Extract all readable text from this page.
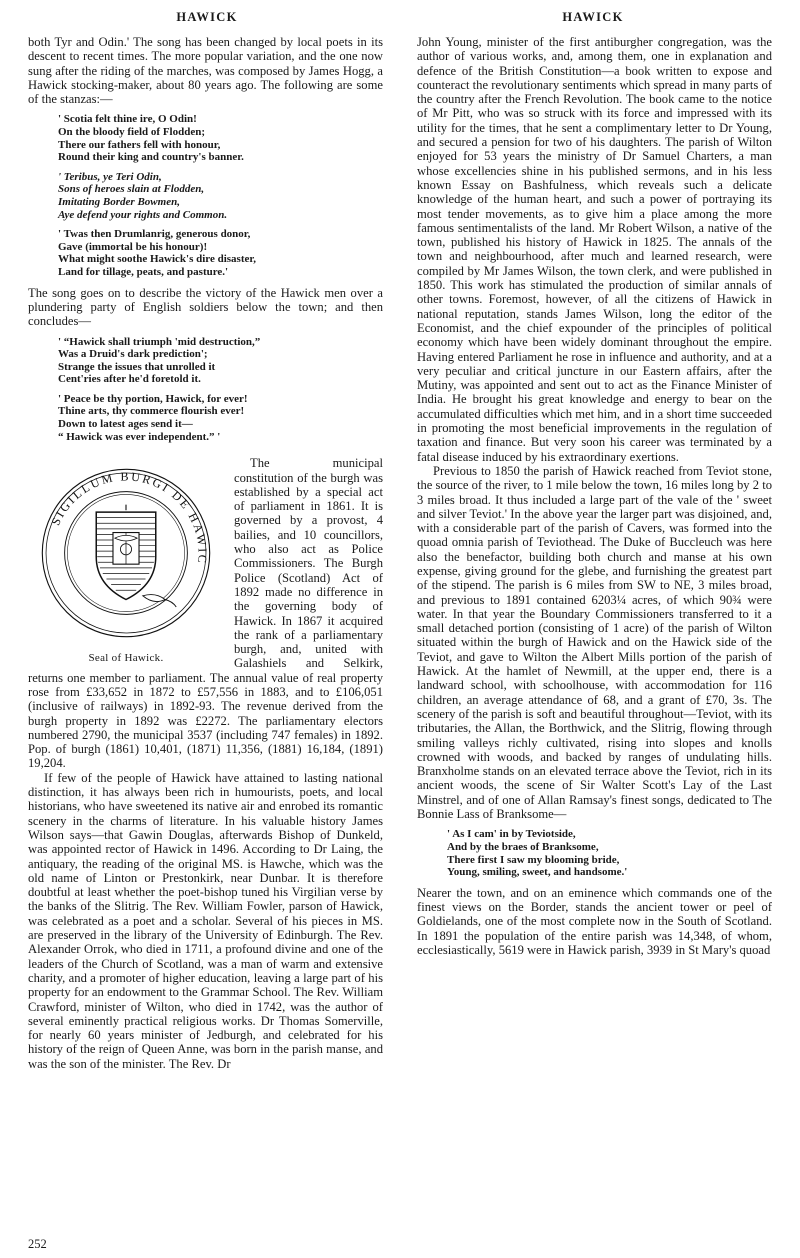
HAWICK	HAWICK

both Tyr and Odin.' The song has been changed by local poets in its descent to recent times. The more popular variation, and the one now sung after the riding of the marches, was composed by James Hogg, a Hawick stocking-maker, about 80 years ago. The following are some of the stanzas:—

' Scotia felt thine ire, O Odin!
On the bloody field of Flodden;
There our fathers fell with honour,
Round their king and country's banner.
' Teribus, ye Teri Odin,
Sons of heroes slain at Flodden,
Imitating Border Bowmen,
Aye defend your rights and Common.
' Twas then Drumlanrig, generous donor,
Gave (immortal be his honour)!
What might soothe Hawick's dire disaster,
Land for tillage, peats, and pasture.'

The song goes on to describe the victory of the Hawick men over a plundering party of English soldiers below the town; and then concludes—

' “Hawick shall triumph 'mid destruction,”
Was a Druid's dark prediction';
Strange the issues that unrolled it
Cent'ries after he'd foretold it.
' Peace be thy portion, Hawick, for ever!
Thine arts, thy commerce flourish ever!
Down to latest ages send it—
“ Hawick was ever independent.” '
SIGILLUM BURGI DE HAWIC
Seal of Hawick.

The municipal constitution of the burgh was established by a special act of parliament in 1861. It is governed by a provost, 4 bailies, and 10 councillors, who also act as Police Commissioners. The Burgh Police (Scotland) Act of 1892 made no difference in the governing body of Hawick. In 1867 it acquired the rank of a parliamentary burgh, and, united with Galashiels and Selkirk, returns one member to parliament. The annual value of real property rose from £33,652 in 1872 to £57,556 in 1883, and to £106,051 (inclusive of railways) in 1892-93. The revenue derived from the burgh property in 1892 was £2272. The parliamentary electors numbered 2790, the municipal 3537 (including 747 females) in 1892. Pop. of burgh (1861) 10,401, (1871) 11,356, (1881) 16,184, (1891) 19,204.

If few of the people of Hawick have attained to lasting national distinction, it has always been rich in humourists, poets, and local historians, who have sweetened its native air and enrobed its romantic scenery in the charms of literature. In his valuable history James Wilson says—that Gawin Douglas, afterwards Bishop of Dunkeld, was appointed rector of Hawick in 1496. According to Dr Laing, the antiquary, the reading of the original MS. is Hawche, which was the old name of Linton or Prestonkirk, near Dunbar. It is therefore doubtful at least whether the poet-bishop tuned his Virgilian verse by the banks of the Slitrig. The Rev. William Fowler, parson of Hawick, was celebrated as a poet and a scholar. Several of his pieces in MS. are preserved in the library of the University of Edinburgh. The Rev. Alexander Orrok, who died in 1711, a profound divine and one of the leaders of the Church of Scotland, was a man of warm and extensive charity, and a promoter of higher education, leaving a large part of his property for an endowment to the Grammar School. The Rev. William Crawford, minister of Wilton, who died in 1742, was the author of several eminently practical religious works. Dr Thomas Somerville, for nearly 60 years minister of Jedburgh, and celebrated for his history of the reign of Queen Anne, was born in the parish manse, and was the son of the minister. The Rev. Dr

John Young, minister of the first antiburgher congregation, was the author of various works, and, among them, one in explanation and defence of the British Constitution—a book written to expose and counteract the revolutionary sentiments which spread in many parts of the country after the French Revolution. The book came to the notice of Mr Pitt, who was so struck with its force and impressed with its utility for the times, that he sent a complimentary letter to Dr Young, and secured a pension for two of his daughters. The parish of Wilton enjoyed for 53 years the ministry of Dr Samuel Charters, a man whose excellencies shine in his published sermons, and in his less known Essay on Bashfulness, which reveals such a delicate knowledge of the human heart, and such a power of portraying its most tender movements, as to give him a place among the more famous sentimentalists of the land. Mr Robert Wilson, a native of the town, published his history of Hawick in 1825. The annals of the town and neighbourhood, after much and learned research, were compiled by Mr James Wilson, the town clerk, and were published in 1850. This work has stimulated the production of similar annals of other towns. Foremost, however, of all the citizens of Hawick in national reputation, stands James Wilson, long the editor of the Economist, and the chief expounder of the principles of political economy which have been widely dominant throughout the empire. Having entered Parliament he rose in influence and authority, and at a very peculiar and critical juncture in our Eastern affairs, after the Mutiny, was appointed and sent out to act as the Finance Minister of India. He brought his great knowledge and energy to bear on the accumulated difficulties which met him, and in a short time succeeded in promoting the most beneficial improvements in the regulation of taxation and finance. But very soon his career was terminated by a fatal disease induced by his extraordinary exertions.

Previous to 1850 the parish of Hawick reached from Teviot stone, the source of the river, to 1 mile below the town, 16 miles long by 2 to 3 miles broad. It thus included a large part of the vale of the ' sweet and silver Teviot.' In the above year the larger part was disjoined, and, with a considerable part of the parish of Cavers, was formed into the quoad omnia parish of Teviothead. The Duke of Buccleuch was here also the benefactor, building both church and manse at his own expense, giving ground for the glebe, and furnishing the greatest part of the stipend. The parish is 6 miles from SW to NE, 3 miles broad, and previous to 1891 contained 6203¼ acres, of which 90¾ were water. In that year the Boundary Commissioners transferred to it a small detached portion (consisting of 1 acre) of the parish of Wilton situated within the burgh of Hawick and on the Hawick side of the Teviot, and gave to Wilton the Albert Mills portion of the parish of Hawick. At the hamlet of Newmill, at the upper end, there is a landward school, with schoolhouse, with accommodation for 116 children, an average attendance of 68, and a grant of £70, 3s. The scenery of the parish is soft and beautiful throughout—Teviot, with its tributaries, the Allan, the Borthwick, and the Slitrig, flowing through smiling valleys richly cultivated, rising into slopes and knolls crowned with woods, and backed by ranges of undulating hills. Branxholme stands on an elevated terrace above the Teviot, rich in its ancient woods, the scene of Sir Walter Scott's Lay of the Last Minstrel, and of one of Allan Ramsay's finest songs, dedicated to The Bonnie Lass of Branksome—

' As I cam' in by Teviotside,
And by the braes of Branksome,
There first I saw my blooming bride,
Young, smiling, sweet, and handsome.'

Nearer the town, and on an eminence which commands one of the finest views on the Border, stands the ancient tower or peel of Goldielands, one of the most complete now in the South of Scotland. In 1891 the population of the entire parish was 14,348, of whom, ecclesiastically, 5619 were in Hawick parish, 3939 in St Mary's quoad

252
